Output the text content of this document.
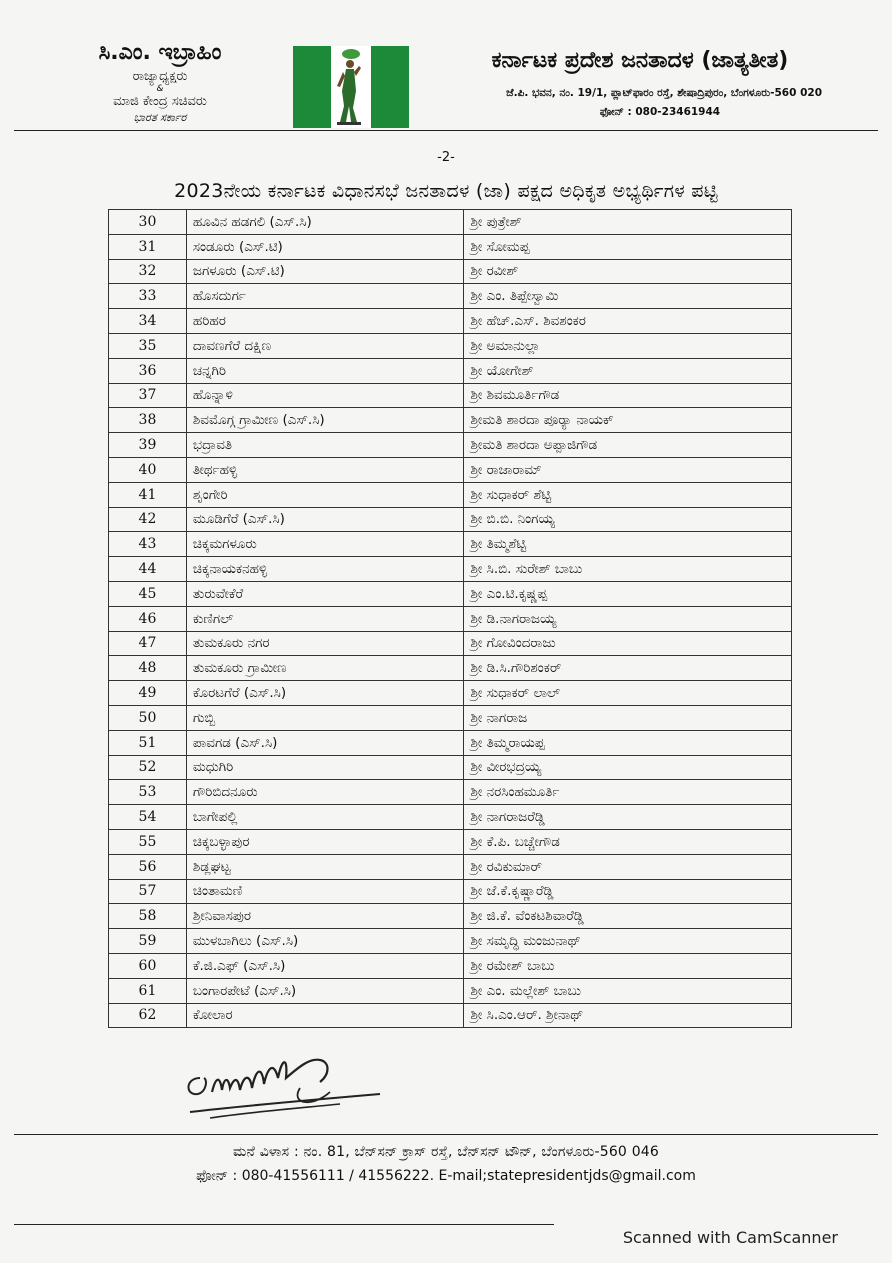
ಸಿ.ಎಂ. ಇಬ್ರಾಹಿಂ
ರಾಜ್ಯಾಧ್ಯಕ್ಷರು
&
ಮಾಜಿ ಕೇಂದ್ರ ಸಚಿವರು
ಭಾರತ ಸರ್ಕಾರ
ಕರ್ನಾಟಕ ಪ್ರದೇಶ ಜನತಾದಳ (ಜಾತ್ಯತೀತ)
ಜೆ.ಪಿ. ಭವನ, ನಂ. 19/1, ಪ್ಲಾಟ್‌ಫಾರಂ ರಸ್ತೆ, ಶೇಷಾದ್ರಿಪುರಂ, ಬೆಂಗಳೂರು-560 020
ಫೋನ್ : 080-23461944
-2-
2023ನೇಯ ಕರ್ನಾಟಕ ವಿಧಾನಸಭೆ ಜನತಾದಳ (ಜಾ) ಪಕ್ಷದ ಅಧಿಕೃತ ಅಭ್ಯರ್ಥಿಗಳ ಪಟ್ಟಿ
30	ಹೂವಿನ ಹಡಗಲಿ (ಎಸ್.ಸಿ)	ಶ್ರೀ ಪುತ್ರೇಶ್
31	ಸಂಡೂರು (ಎಸ್.ಟಿ)	ಶ್ರೀ ಸೋಮಪ್ಪ
32	ಜಗಳೂರು (ಎಸ್.ಟಿ)	ಶ್ರೀ ರವೀಶ್
33	ಹೊಸದುರ್ಗ	ಶ್ರೀ ಎಂ. ತಿಪ್ಪೇಸ್ವಾಮಿ
34	ಹರಿಹರ	ಶ್ರೀ ಹೆಚ್.ಎಸ್. ಶಿವಶಂಕರ
35	ದಾವಣಗೆರೆ ದಕ್ಷಿಣ	ಶ್ರೀ ಅಮಾನುಲ್ಲಾ
36	ಚನ್ನಗಿರಿ	ಶ್ರೀ ಯೋಗೇಶ್
37	ಹೊನ್ನಾಳಿ	ಶ್ರೀ ಶಿವಮೂರ್ತಿಗೌಡ
38	ಶಿವಮೊಗ್ಗ ಗ್ರಾಮೀಣ (ಎಸ್.ಸಿ)	ಶ್ರೀಮತಿ ಶಾರದಾ ಪೂರ್‍ಯಾ ನಾಯಕ್
39	ಭದ್ರಾವತಿ	ಶ್ರೀಮತಿ ಶಾರದಾ ಅಪ್ಪಾಜಿಗೌಡ
40	ತೀರ್ಥಹಳ್ಳಿ	ಶ್ರೀ ರಾಜಾರಾಮ್
41	ಶೃಂಗೇರಿ	ಶ್ರೀ ಸುಧಾಕರ್ ಶೆಟ್ಟಿ
42	ಮೂಡಿಗೆರೆ (ಎಸ್.ಸಿ)	ಶ್ರೀ ಬಿ.ಬಿ. ನಿಂಗಯ್ಯ
43	ಚಿಕ್ಕಮಗಳೂರು	ಶ್ರೀ ತಿಮ್ಮಶೆಟ್ಟಿ
44	ಚಿಕ್ಕನಾಯಕನಹಳ್ಳಿ	ಶ್ರೀ ಸಿ.ಬಿ. ಸುರೇಶ್ ಬಾಬು
45	ತುರುವೇಕೆರೆ	ಶ್ರೀ ಎಂ.ಟಿ.ಕೃಷ್ಣಪ್ಪ
46	ಕುಣಿಗಲ್	ಶ್ರೀ ಡಿ.ನಾಗರಾಜಯ್ಯ
47	ತುಮಕೂರು ನಗರ	ಶ್ರೀ ಗೋವಿಂದರಾಜು
48	ತುಮಕೂರು ಗ್ರಾಮೀಣ	ಶ್ರೀ ಡಿ.ಸಿ.ಗೌರಿಶಂಕರ್
49	ಕೊರಟಗೆರೆ (ಎಸ್.ಸಿ)	ಶ್ರೀ ಸುಧಾಕರ್ ಲಾಲ್
50	ಗುಬ್ಬಿ	ಶ್ರೀ ನಾಗರಾಜ
51	ಪಾವಗಡ (ಎಸ್.ಸಿ)	ಶ್ರೀ ತಿಮ್ಮರಾಯಪ್ಪ
52	ಮಧುಗಿರಿ	ಶ್ರೀ ವೀರಭದ್ರಯ್ಯ
53	ಗೌರಿಬಿದನೂರು	ಶ್ರೀ ನರಸಿಂಹಮೂರ್ತಿ
54	ಬಾಗೇಪಲ್ಲಿ	ಶ್ರೀ ನಾಗರಾಜರೆಡ್ಡಿ
55	ಚಿಕ್ಕಬಳ್ಳಾಪುರ	ಶ್ರೀ ಕೆ.ಪಿ. ಬಚ್ಚೇಗೌಡ
56	ಶಿಡ್ಲಘಟ್ಟ	ಶ್ರೀ ರವಿಕುಮಾರ್
57	ಚಿಂತಾಮಣಿ	ಶ್ರೀ ಜೆ.ಕೆ.ಕೃಷ್ಣಾರೆಡ್ಡಿ
58	ಶ್ರೀನಿವಾಸಪುರ	ಶ್ರೀ ಜಿ.ಕೆ. ವೆಂಕಟಶಿವಾರೆಡ್ಡಿ
59	ಮುಳಬಾಗಿಲು (ಎಸ್.ಸಿ)	ಶ್ರೀ ಸಮೃದ್ಧಿ ಮಂಜುನಾಥ್
60	ಕೆ.ಜಿ.ಎಫ್ (ಎಸ್.ಸಿ)	ಶ್ರೀ ರಮೇಶ್ ಬಾಬು
61	ಬಂಗಾರಪೇಟೆ (ಎಸ್.ಸಿ)	ಶ್ರೀ ಎಂ. ಮಲ್ಲೇಶ್ ಬಾಬು
62	ಕೋಲಾರ	ಶ್ರೀ ಸಿ.ಎಂ.ಆರ್. ಶ್ರೀನಾಥ್
ಮನೆ ವಿಳಾಸ : ನಂ. 81, ಬೆನ್‌ಸನ್ ಕ್ರಾಸ್ ರಸ್ತೆ, ಬೆನ್‌ಸನ್ ಟೌನ್, ಬೆಂಗಳೂರು-560 046
ಫೋನ್ : 080-41556111 / 41556222. E-mail;statepresidentjds@gmail.com
Scanned with CamScanner
